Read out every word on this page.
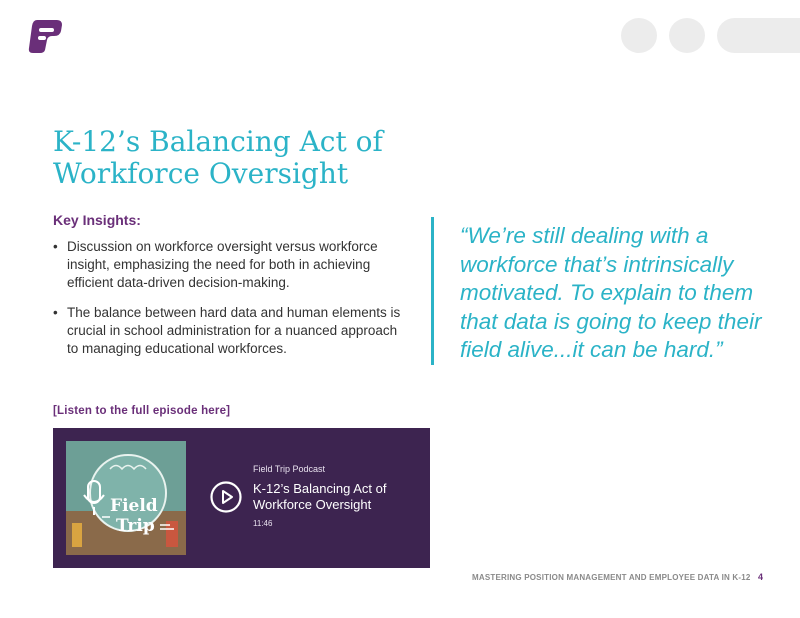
K-12’s Balancing Act of Workforce Oversight
Key Insights:
• Discussion on workforce oversight versus workforce insight, emphasizing the need for both in achieving efficient data-driven decision-making.
• The balance between hard data and human elements is crucial in school administration for a nuanced approach to managing educational workforces.

“We’re still dealing with a workforce that’s intrinsically motivated. To explain to them that data is going to keep their field alive...it can be hard.”

[Listen to the full episode here]
Field
Trip
Field Trip Podcast
K-12’s Balancing Act of Workforce Oversight
11:46
MASTERING POSITION MANAGEMENT AND EMPLOYEE DATA IN K-12 4
